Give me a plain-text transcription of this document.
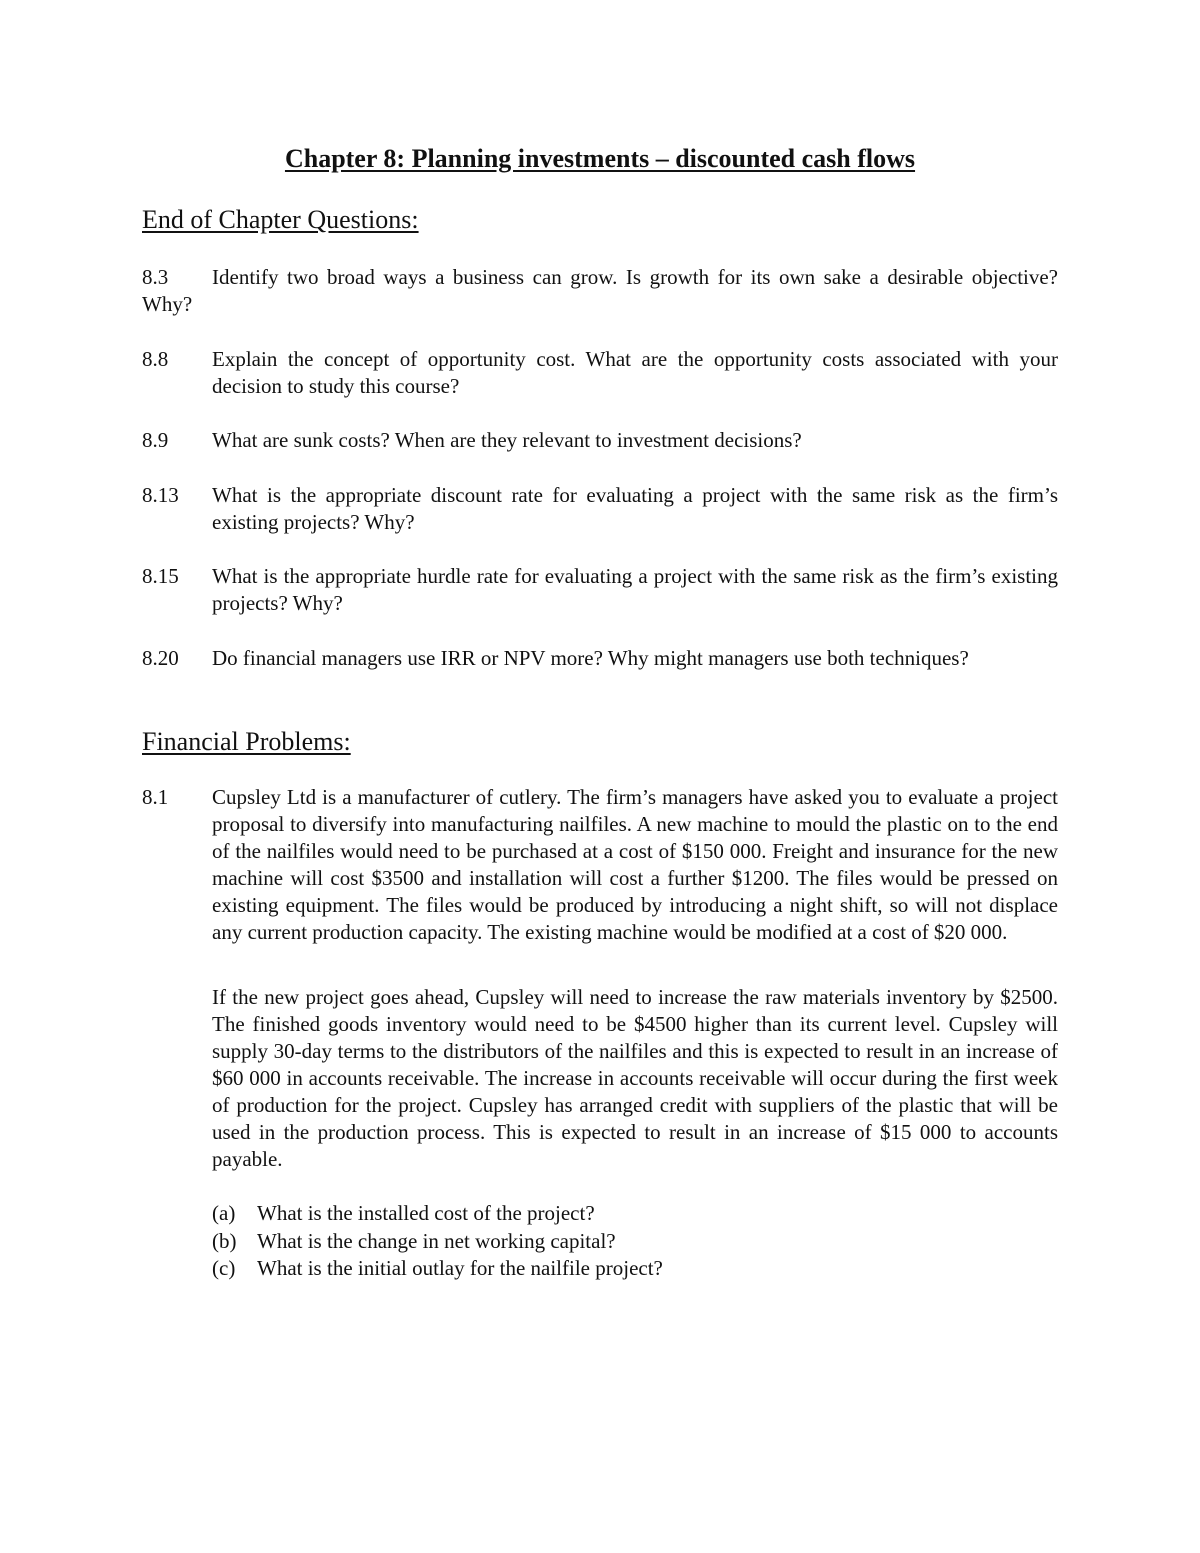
Chapter 8: Planning investments – discounted cash flows
End of Chapter Questions:
8.3	Identify two broad ways a business can grow. Is growth for its own sake a desirable objective? Why?
8.8 Explain the concept of opportunity cost. What are the opportunity costs associated with your decision to study this course?
8.9 What are sunk costs? When are they relevant to investment decisions?
8.13 What is the appropriate discount rate for evaluating a project with the same risk as the firm’s existing projects? Why?
8.15 What is the appropriate hurdle rate for evaluating a project with the same risk as the firm’s existing projects? Why?
8.20 Do financial managers use IRR or NPV more? Why might managers use both techniques?
Financial Problems:
8.1 Cupsley Ltd is a manufacturer of cutlery. The firm’s managers have asked you to evaluate a project proposal to diversify into manufacturing nailfiles. A new machine to mould the plastic on to the end of the nailfiles would need to be purchased at a cost of $150 000. Freight and insurance for the new machine will cost $3500 and installation will cost a further $1200. The files would be pressed on existing equipment. The files would be produced by introducing a night shift, so will not displace any current production capacity. The existing machine would be modified at a cost of $20 000.
If the new project goes ahead, Cupsley will need to increase the raw materials inventory by $2500. The finished goods inventory would need to be $4500 higher than its current level. Cupsley will supply 30-day terms to the distributors of the nailfiles and this is expected to result in an increase of $60 000 in accounts receivable. The increase in accounts receivable will occur during the first week of production for the project. Cupsley has arranged credit with suppliers of the plastic that will be used in the production process. This is expected to result in an increase of $15 000 to accounts payable.
(a) What is the installed cost of the project?
(b) What is the change in net working capital?
(c) What is the initial outlay for the nailfile project?
